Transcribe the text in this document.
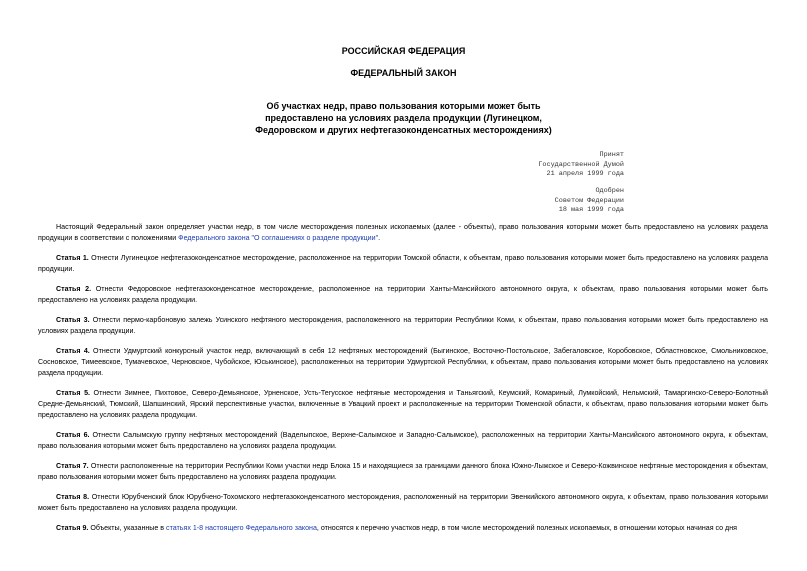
РОССИЙСКАЯ ФЕДЕРАЦИЯ
ФЕДЕРАЛЬНЫЙ ЗАКОН
Об участках недр, право пользования которыми может быть
предоставлено на условиях раздела продукции (Лугинецком,
Федоровском и других нефтегазоконденсатных месторождениях)
Принят
Государственной Думой
21 апреля 1999 года
Одобрен
Советом Федерации
18 мая 1999 года

Настоящий Федеральный закон определяет участки недр, в том числе месторождения полезных ископаемых (далее - объекты), право пользования которыми может быть предоставлено на условиях раздела продукции в соответствии с положениями Федерального закона "О соглашениях о разделе продукции".

Статья 1. Отнести Лугинецкое нефтегазоконденсатное месторождение, расположенное на территории Томской области, к объектам, право пользования которыми может быть предоставлено на условиях раздела продукции.

Статья 2. Отнести Федоровское нефтегазоконденсатное месторождение, расположенное на территории Ханты-Мансийского автономного округа, к объектам, право пользования которыми может быть предоставлено на условиях раздела продукции.

Статья 3. Отнести пермо-карбоновую залежь Усинского нефтяного месторождения, расположенного на территории Республики Коми, к объектам, право пользования которыми может быть предоставлено на условиях раздела продукции.

Статья 4. Отнести Удмуртский конкурсный участок недр, включающий в себя 12 нефтяных месторождений (Быгинское, Восточно-Постольское, Забегаловское, Коробовское, Областновское, Смольниковское, Сосновское, Тимеевское, Тумачевское, Черновское, Чубойское, Юськинское), расположенных на территории Удмуртской Республики, к объектам, право пользования которыми может быть предоставлено на условиях раздела продукции.

Статья 5. Отнести Зимнее, Пихтовое, Северо-Демьянское, Урненское, Усть-Тегусское нефтяные месторождения и Таньягский, Кеумский, Комариный, Лумкойский, Нельмский, Тамаргинско-Северо-Болотный Средне-Демьянский, Тюмский, Шапшинский, Ярский перспективные участки, включенные в Увацкий проект и расположенные на территории Тюменской области, к объектам, право пользования которыми может быть предоставлено на условиях раздела продукции.

Статья 6. Отнести Салымскую группу нефтяных месторождений (Ваделыпское, Верхне-Салымское и Западно-Салымское), расположенных на территории Ханты-Мансийского автономного округа, к объектам, право пользования которыми может быть предоставлено на условиях раздела продукции.

Статья 7. Отнести расположенные на территории Республики Коми участки недр Блока 15 и находящиеся за границами данного блока Южно-Лыжское и Северо-Кожвинское нефтяные месторождения к объектам, право пользования которыми может быть предоставлено на условиях раздела продукции.

Статья 8. Отнести Юрубченский блок Юрубчено-Тохомского нефтегазоконденсатного месторождения, расположенный на территории Эвенкийского автономного округа, к объектам, право пользования которыми может быть предоставлено на условиях раздела продукции.

Статья 9. Объекты, указанные в статьях 1-8 настоящего Федерального закона, относятся к перечню участков недр, в том числе месторождений полезных ископаемых, в отношении которых начиная со дня
